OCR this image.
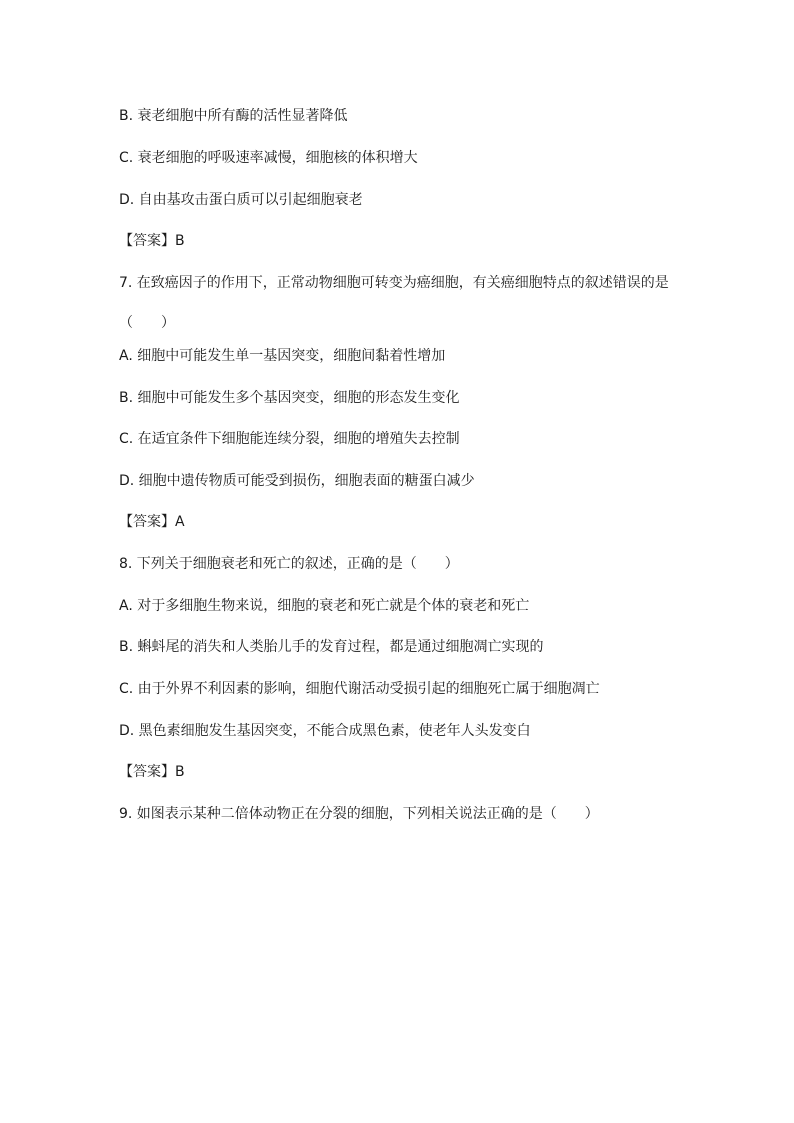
B. 衰老细胞中所有酶的活性显著降低
C. 衰老细胞的呼吸速率减慢，细胞核的体积增大
D. 自由基攻击蛋白质可以引起细胞衰老
【答案】B
7. 在致癌因子的作用下，正常动物细胞可转变为癌细胞，有关癌细胞特点的叙述错误的是
（　　）
A. 细胞中可能发生单一基因突变，细胞间黏着性增加
B. 细胞中可能发生多个基因突变，细胞的形态发生变化
C. 在适宜条件下细胞能连续分裂，细胞的增殖失去控制
D. 细胞中遗传物质可能受到损伤，细胞表面的糖蛋白减少
【答案】A
8. 下列关于细胞衰老和死亡的叙述，正确的是（　　）
A. 对于多细胞生物来说，细胞的衰老和死亡就是个体的衰老和死亡
B. 蝌蚪尾的消失和人类胎儿手的发育过程，都是通过细胞凋亡实现的
C. 由于外界不利因素的影响，细胞代谢活动受损引起的细胞死亡属于细胞凋亡
D. 黑色素细胞发生基因突变，不能合成黑色素，使老年人头发变白
【答案】B
9. 如图表示某种二倍体动物正在分裂的细胞，下列相关说法正确的是（　　）
